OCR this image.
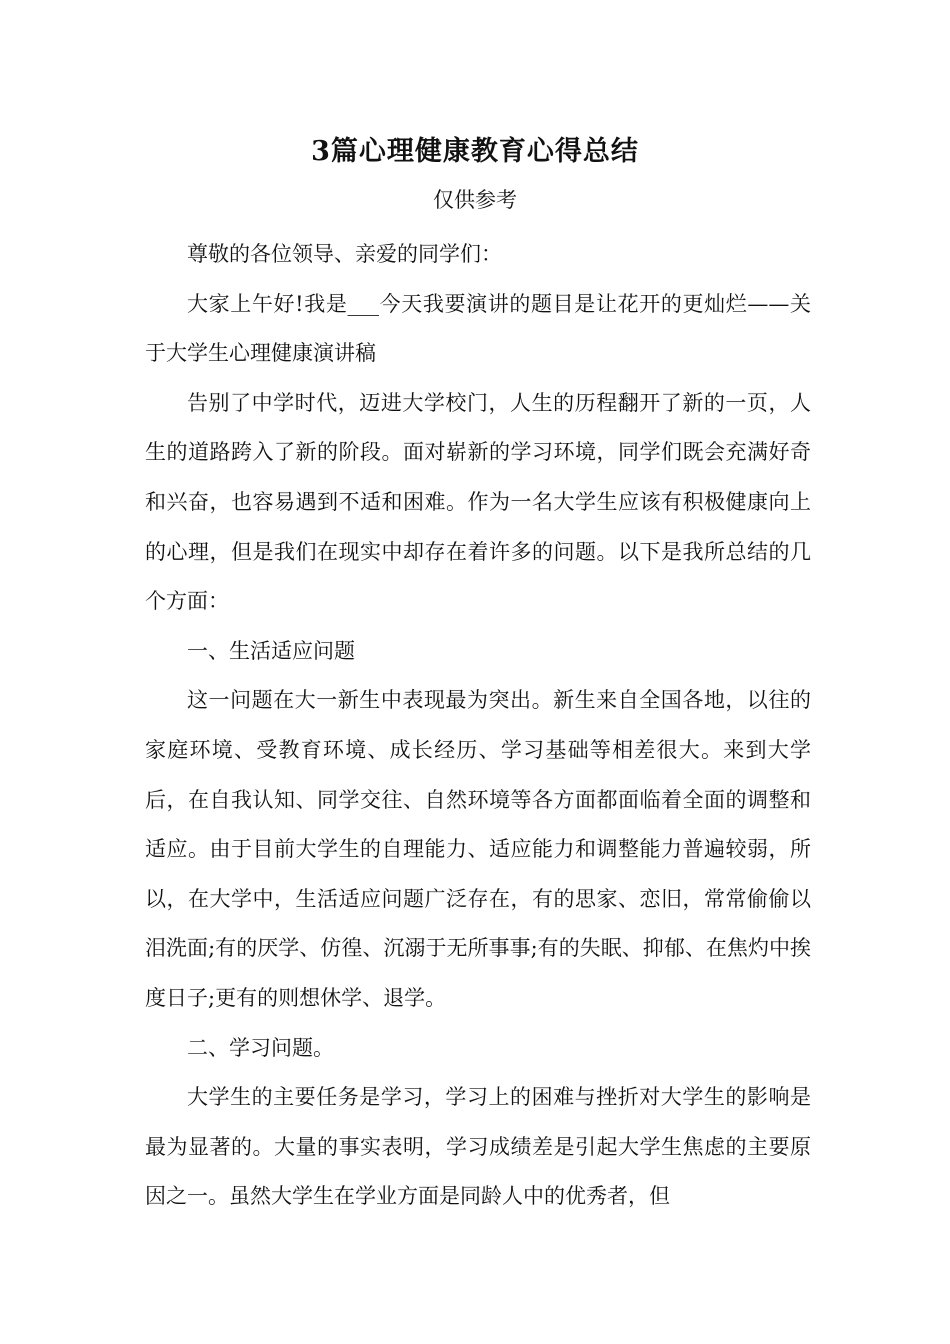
3篇心理健康教育心得总结
仅供参考

尊敬的各位领导、亲爱的同学们：

大家上午好!我是___今天我要演讲的题目是让花开的更灿烂——关于大学生心理健康演讲稿

告别了中学时代，迈进大学校门，人生的历程翻开了新的一页，人生的道路跨入了新的阶段。面对崭新的学习环境，同学们既会充满好奇和兴奋，也容易遇到不适和困难。作为一名大学生应该有积极健康向上的心理，但是我们在现实中却存在着许多的问题。以下是我所总结的几个方面：

一、生活适应问题

这一问题在大一新生中表现最为突出。新生来自全国各地，以往的家庭环境、受教育环境、成长经历、学习基础等相差很大。来到大学后，在自我认知、同学交往、自然环境等各方面都面临着全面的调整和适应。由于目前大学生的自理能力、适应能力和调整能力普遍较弱，所以，在大学中，生活适应问题广泛存在，有的思家、恋旧，常常偷偷以泪洗面;有的厌学、仿徨、沉溺于无所事事;有的失眠、抑郁、在焦灼中挨度日子;更有的则想休学、退学。

二、学习问题。

大学生的主要任务是学习，学习上的困难与挫折对大学生的影响是最为显著的。大量的事实表明，学习成绩差是引起大学生焦虑的主要原因之一。虽然大学生在学业方面是同龄人中的优秀者，但
